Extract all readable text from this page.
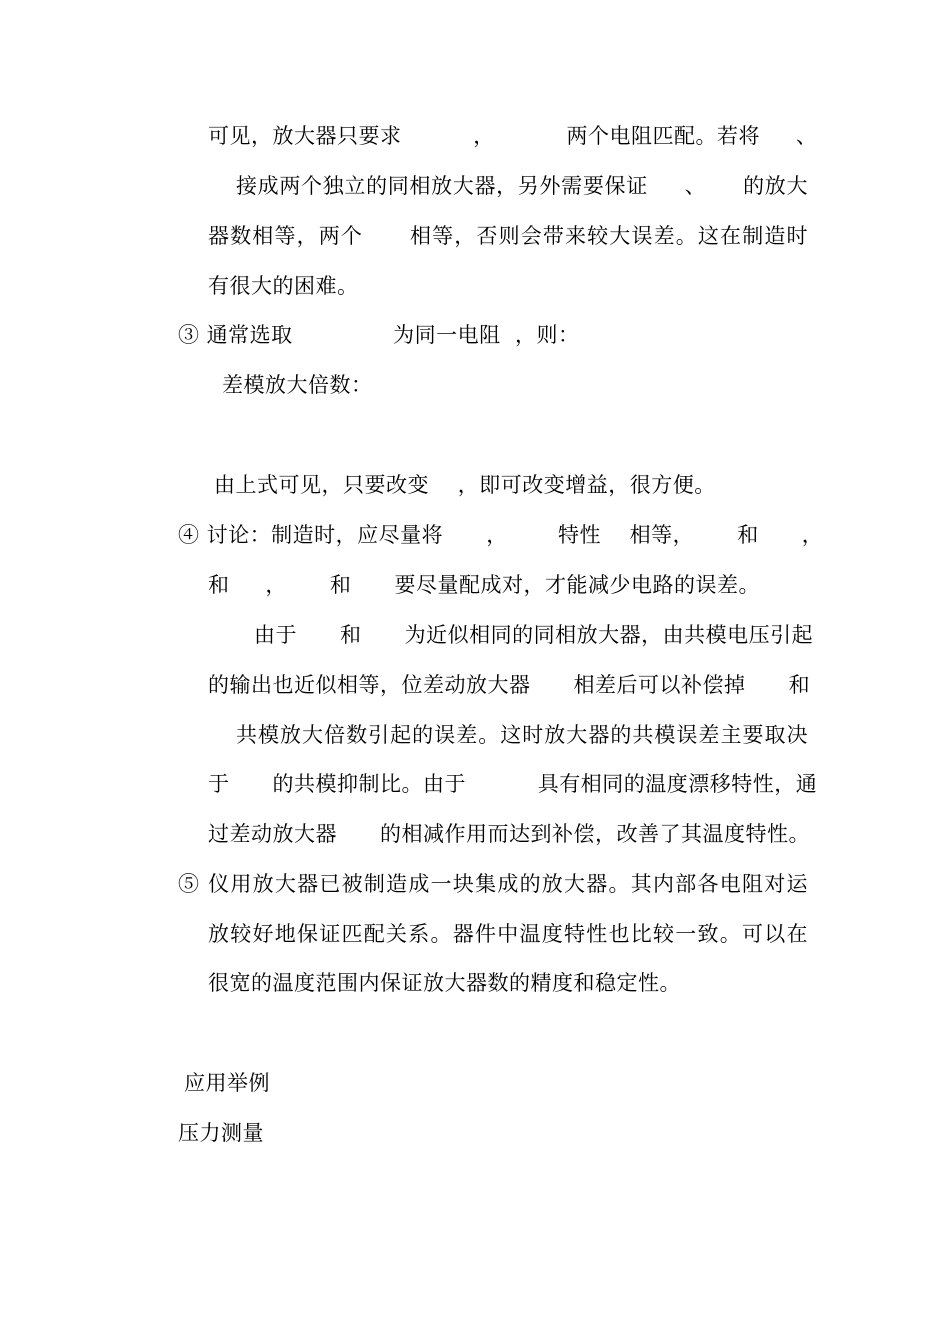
可见，放大器只要求          ，          两个电阻匹配。若将     、

接成两个独立的同相放大器，另外需要保证     、     的放大

器数相等，两个      相等，否则会带来较大误差。这在制造时

有很大的困难。

③ 通常选取              为同一电阻  ，则：

差模放大倍数：

由上式可见，只要改变    ，即可改变增益，很方便。

④ 讨论：制造时，应尽量将      ，       特性    相等，      和      ，

和     ，      和      要尽量配成对，才能减少电路的误差。

由于      和      为近似相同的同相放大器，由共模电压引起

的输出也近似相等，位差动放大器      相差后可以补偿掉      和

共模放大倍数引起的误差。这时放大器的共模误差主要取决

于      的共模抑制比。由于          具有相同的温度漂移特性，通

过差动放大器      的相减作用而达到补偿，改善了其温度特性。

⑤ 仪用放大器已被制造成一块集成的放大器。其内部各电阻对运

放较好地保证匹配关系。器件中温度特性也比较一致。可以在

很宽的温度范围内保证放大器数的精度和稳定性。

应用举例

压力测量
